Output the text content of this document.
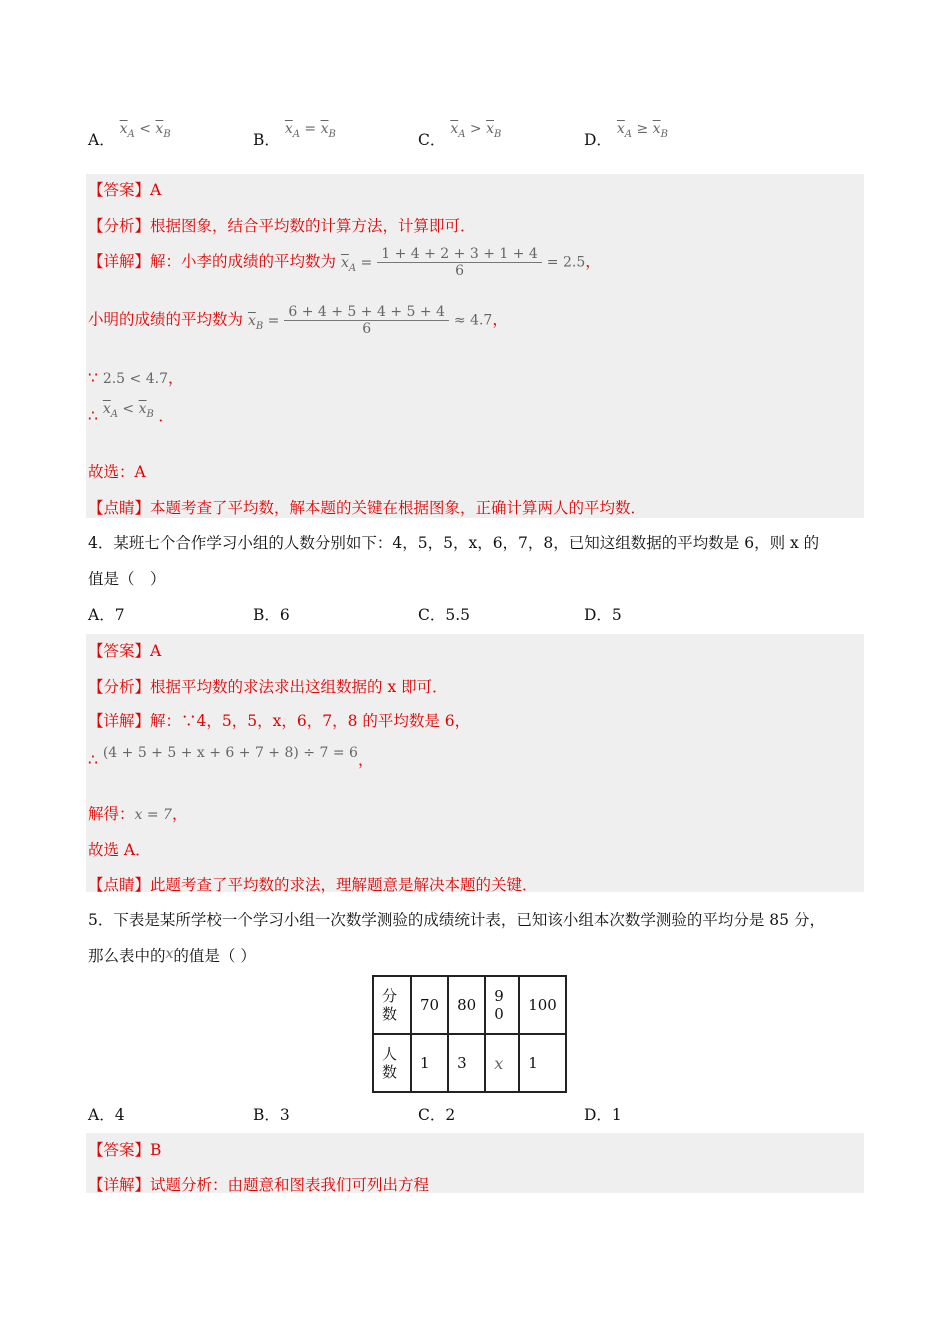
A． $\overline{x}_A < \overline{x}_B$	B． $\overline{x}_A = \overline{x}_B$	C． $\overline{x}_A > \overline{x}_B$	D． $\overline{x}_A \ge \overline{x}_B$
【答案】A
【分析】根据图象，结合平均数的计算方法，计算即可．
【详解】解：小李的成绩的平均数为 $\overline{x}_A = \frac{1 + 4 + 2 + 3 + 1 + 4}{6} = 2.5$，
小明的成绩的平均数为 $\overline{x}_B = \frac{6 + 4 + 5 + 4 + 5 + 4}{6} \approx 4.7$，
∵ 2.5 < 4.7，
∴ $\overline{x}_A < \overline{x}_B$ ．
故选：A
【点睛】本题考查了平均数，解本题的关键在根据图象，正确计算两人的平均数．
4．某班七个合作学习小组的人数分别如下：4，5，5，x，6，7，8，已知这组数据的平均数是 6，则 x 的
值是（　）
A．7	B．6	C．5.5	D．5
【答案】A
【分析】根据平均数的求法求出这组数据的 x 即可．
【详解】解：∵4，5，5，x，6，7，8 的平均数是 6，
∴ (4 + 5 + 5 + x + 6 + 7 + 8) ÷ 7 = 6，
解得：x = 7，
故选 A．
【点睛】此题考查了平均数的求法，理解题意是解决本题的关键．
5．下表是某所学校一个学习小组一次数学测验的成绩统计表，已知该小组本次数学测验的平均分是 85 分，
那么表中的x的值是（ ）
分数	70	80	90	100

人数	1	3	x	1
A．4	B．3	C．2	D．1
【答案】B
【详解】试题分析：由题意和图表我们可列出方程
